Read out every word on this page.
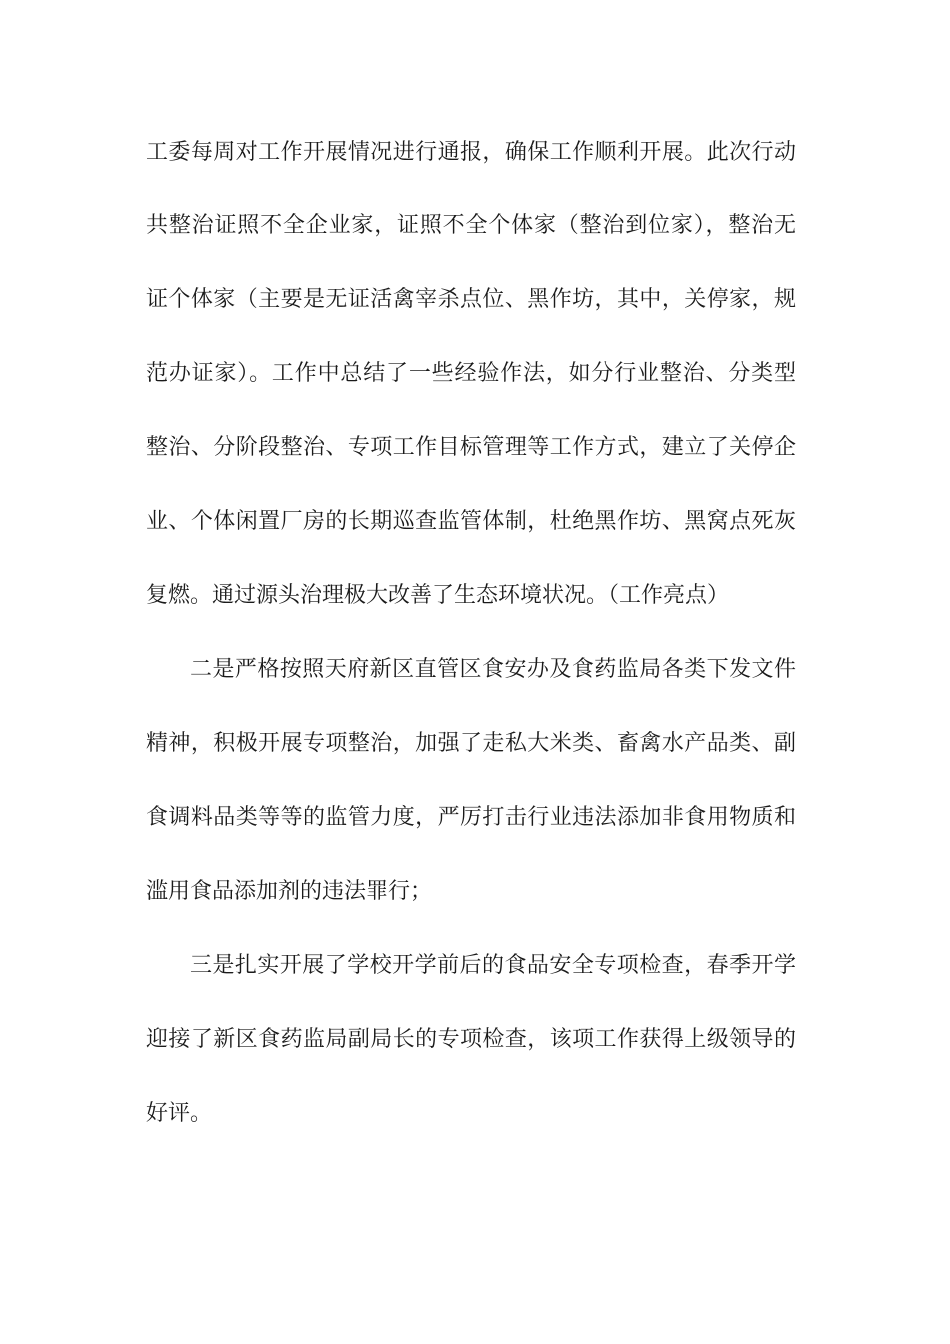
工委每周对工作开展情况进行通报，确保工作顺利开展。此次行动
共整治证照不全企业家，证照不全个体家（整治到位家），整治无
证个体家（主要是无证活禽宰杀点位、黑作坊，其中，关停家，规
范办证家）。工作中总结了一些经验作法，如分行业整治、分类型
整治、分阶段整治、专项工作目标管理等工作方式，建立了关停企
业、个体闲置厂房的长期巡查监管体制，杜绝黑作坊、黑窝点死灰
复燃。通过源头治理极大改善了生态环境状况。（工作亮点）
二是严格按照天府新区直管区食安办及食药监局各类下发文件
精神，积极开展专项整治，加强了走私大米类、畜禽水产品类、副
食调料品类等等的监管力度，严厉打击行业违法添加非食用物质和
滥用食品添加剂的违法罪行；
三是扎实开展了学校开学前后的食品安全专项检查，春季开学
迎接了新区食药监局副局长的专项检查，该项工作获得上级领导的
好评。
